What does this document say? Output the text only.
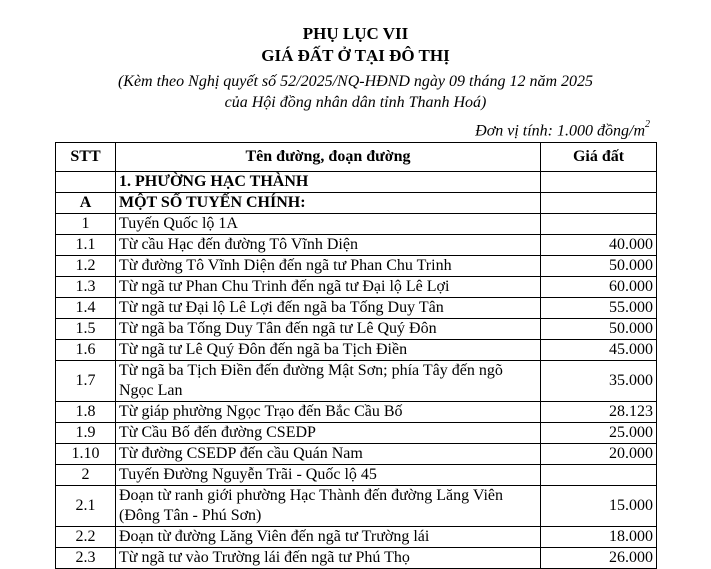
PHỤ LỤC VII
GIÁ ĐẤT Ở TẠI ĐÔ THỊ
(Kèm theo Nghị quyết số 52/2025/NQ-HĐND ngày 09 tháng 12 năm 2025
của Hội đồng nhân dân tỉnh Thanh Hoá)
Đơn vị tính: 1.000 đồng/$m^2$
STT	Tên đường, đoạn đường	Giá đất
	1. PHƯỜNG HẠC THÀNH	
A	MỘT SỐ TUYẾN CHÍNH:	
1	Tuyến Quốc lộ 1A	
1.1	Từ cầu Hạc đến đường Tô Vĩnh Diện	40.000
1.2	Từ đường Tô Vĩnh Diện đến ngã tư Phan Chu Trinh	50.000
1.3	Từ ngã tư Phan Chu Trinh đến ngã tư Đại lộ Lê Lợi	60.000
1.4	Từ ngã tư Đại lộ Lê Lợi đến ngã ba Tống Duy Tân	55.000
1.5	Từ ngã ba Tống Duy Tân đến ngã tư Lê Quý Đôn	50.000
1.6	Từ ngã tư Lê Quý Đôn đến ngã ba Tịch Điền	45.000
1.7	Từ ngã ba Tịch Điền đến đường Mật Sơn; phía Tây đến ngõ Ngọc Lan	35.000
1.8	Từ giáp phường Ngọc Trạo đến Bắc Cầu Bố	28.123
1.9	Từ Cầu Bố đến đường CSEDP	25.000
1.10	Từ đường CSEDP đến cầu Quán Nam	20.000
2	Tuyến Đường Nguyễn Trãi - Quốc lộ 45	
2.1	Đoạn từ ranh giới phường Hạc Thành đến đường Lăng Viên (Đông Tân - Phú Sơn)	15.000
2.2	Đoạn từ đường Lăng Viên đến ngã tư Trường lái	18.000
2.3	Từ ngã tư vào Trường lái đến ngã tư Phú Thọ	26.000
